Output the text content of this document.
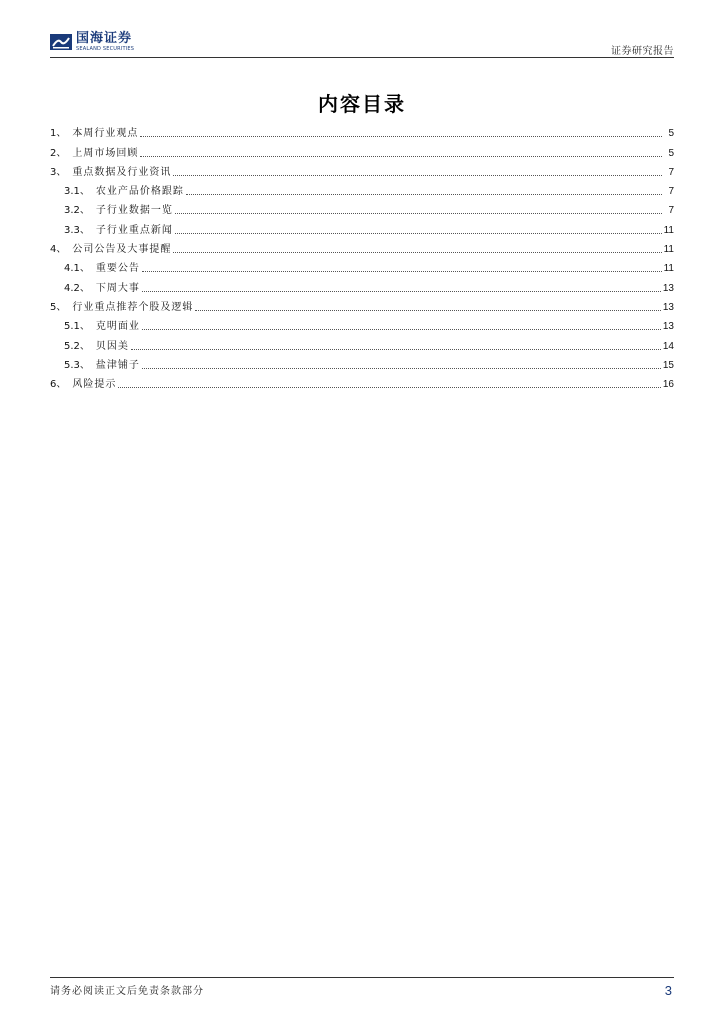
国海证券
SEALAND SECURITIES	证券研究报告
内容目录
1、 本周行业观点	5
2、 上周市场回顾	5
3、 重点数据及行业资讯	7
3.1、 农业产品价格跟踪	7
3.2、 子行业数据一览	7
3.3、 子行业重点新闻	11
4、 公司公告及大事提醒	11
4.1、 重要公告	11
4.2、 下周大事	13
5、 行业重点推荐个股及逻辑	13
5.1、 克明面业	13
5.2、 贝因美	14
5.3、 盐津铺子	15
6、 风险提示	16
请务必阅读正文后免责条款部分	3
